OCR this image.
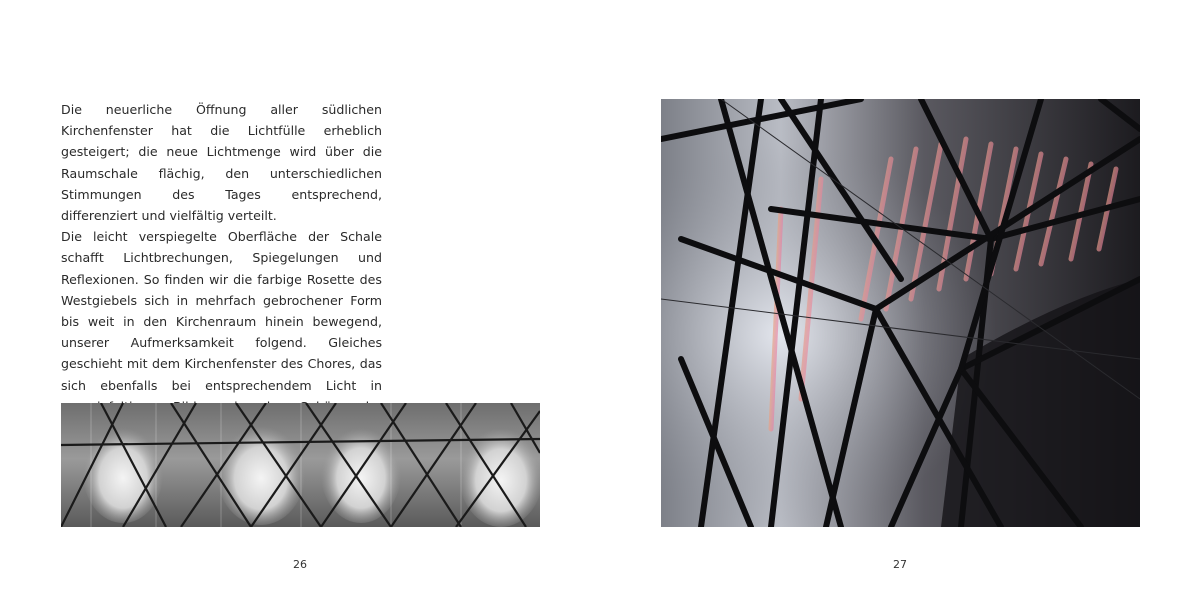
Die neuerliche Öffnung aller südlichen Kirchenfenster hat die Lichtfülle erheblich gesteigert; die neue Lichtmenge wird über die Raumschale flächig, den unterschiedlichen Stimmungen des Tages entsprechend, differenziert und vielfältig verteilt.

Die leicht verspiegelte Oberfläche der Schale schafft Lichtbrechungen, Spiegelungen und Reflexionen. So finden wir die farbige Rosette des Westgiebels sich in mehrfach gebrochener Form bis weit in den Kirchenraum hinein bewegend, unserer Aufmerksamkeit folgend. Gleiches geschieht mit dem Kirchenfenster des Chores, das sich ebenfalls bei entsprechendem Licht in

26	27
